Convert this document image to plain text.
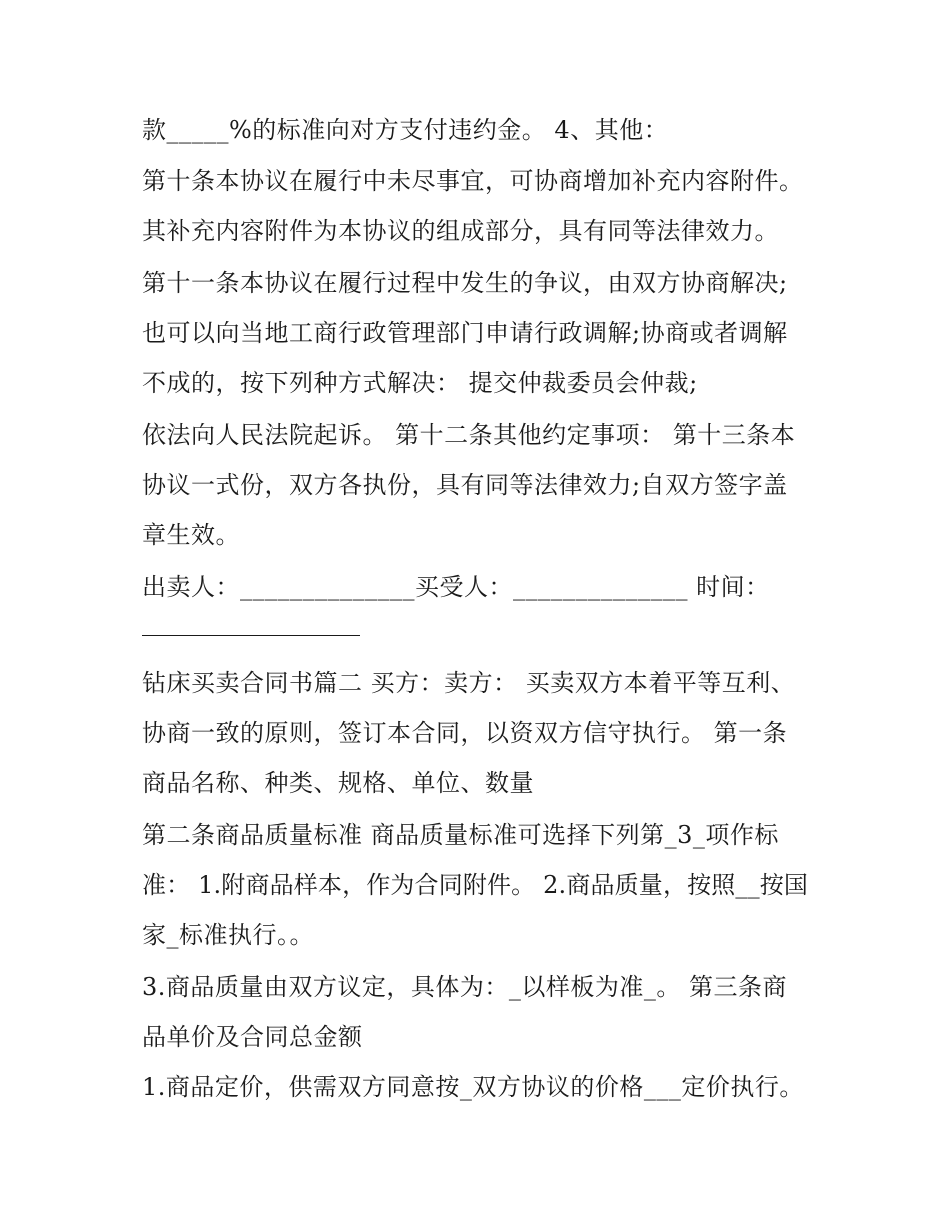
款_____%的标准向对方支付违约金。 4、其他：
第十条本协议在履行中未尽事宜，可协商增加补充内容附件。
其补充内容附件为本协议的组成部分，具有同等法律效力。
第十一条本协议在履行过程中发生的争议，由双方协商解决;
也可以向当地工商行政管理部门申请行政调解;协商或者调解
不成的，按下列种方式解决： 提交仲裁委员会仲裁;
依法向人民法院起诉。 第十二条其他约定事项： 第十三条本
协议一式份，双方各执份，具有同等法律效力;自双方签字盖
章生效。
出卖人：______________买受人：______________ 时间：
钻床买卖合同书篇二 买方：卖方： 买卖双方本着平等互利、
协商一致的原则，签订本合同，以资双方信守执行。 第一条
商品名称、种类、规格、单位、数量
第二条商品质量标准 商品质量标准可选择下列第_3_项作标
准： 1.附商品样本，作为合同附件。 2.商品质量，按照__按国
家_标准执行。。
3.商品质量由双方议定，具体为：_以样板为准_。 第三条商
品单价及合同总金额
1.商品定价，供需双方同意按_双方协议的价格___定价执行。
